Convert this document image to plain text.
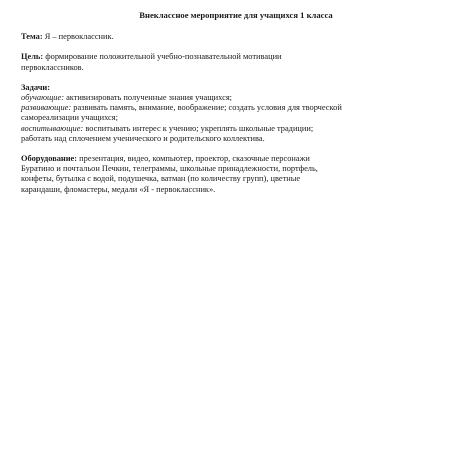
Внеклассное мероприятие для учащихся 1 класса
Тема: Я – первоклассник.
Цель: формирование положительной учебно-познавательной мотивации
первоклассников.
Задачи:
обучающие: активизировать полученные знания учащихся;
развивающие: развивать память, внимание, воображение; создать условия для творческой
самореализации учащихся;
воспитывающие: воспитывать интерес к учению; укреплять школьные традиции;
работать над сплочением ученического и родительского коллектива.
Оборудование: презентация, видео, компьютер, проектор, сказочные персонажи
Буратино и почтальон Печкин, телеграммы, школьные принадлежности, портфель,
конфеты, бутылка с водой, подушечка, ватман (по количеству групп), цветные
карандаши, фломастеры, медали «Я - первоклассник».
